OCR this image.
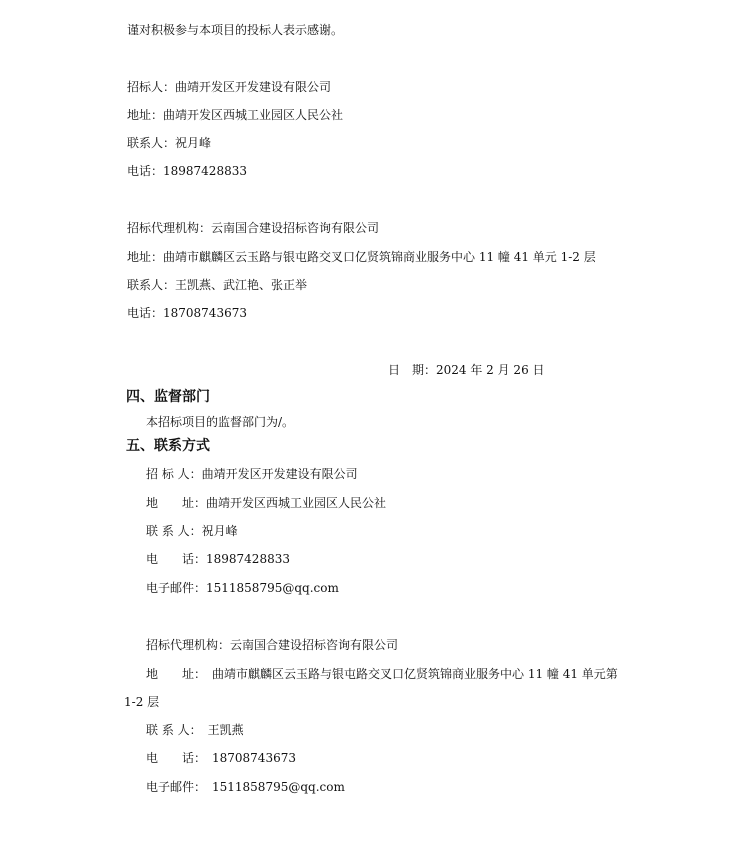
谨对积极参与本项目的投标人表示感谢。
招标人：曲靖开发区开发建设有限公司
地址：曲靖开发区西城工业园区人民公社
联系人：祝月峰
电话：18987428833
招标代理机构：云南国合建设招标咨询有限公司
地址：曲靖市麒麟区云玉路与银屯路交叉口亿贤筑锦商业服务中心 11 幢 41 单元 1-2 层
联系人：王凯燕、武江艳、张正举
电话：18708743673
日　期：2024 年 2 月 26 日
四、监督部门
本招标项目的监督部门为/。
五、联系方式
招 标 人：曲靖开发区开发建设有限公司
地　　址：曲靖开发区西城工业园区人民公社
联 系 人：祝月峰
电　　话：18987428833
电子邮件：1511858795@qq.com
招标代理机构：云南国合建设招标咨询有限公司
地　　址：　曲靖市麒麟区云玉路与银屯路交叉口亿贤筑锦商业服务中心 11 幢 41 单元第
1-2 层
联 系 人：　王凯燕
电　　话：　18708743673
电子邮件：　1511858795@qq.com
